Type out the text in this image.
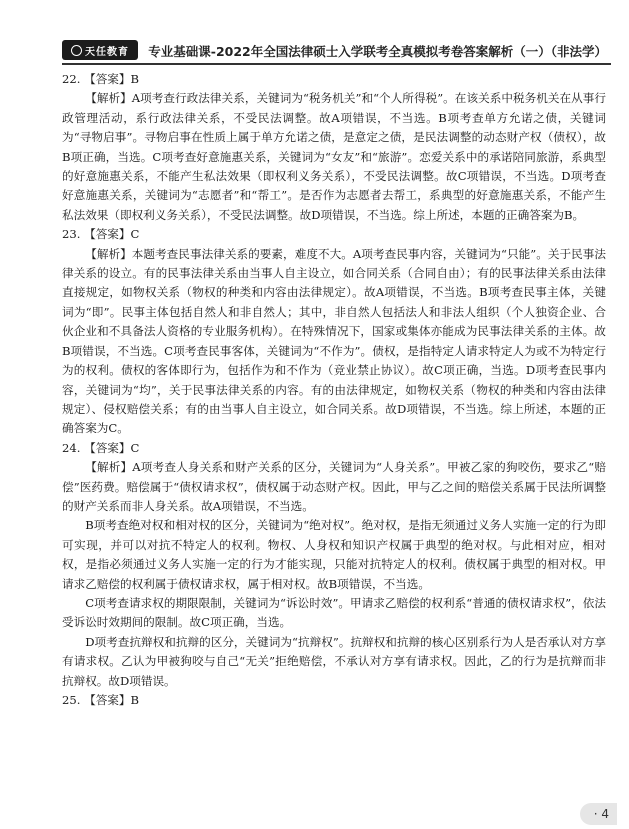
天任教育 专业基础课-2022年全国法律硕士入学联考全真模拟考卷答案解析（一）（非法学）

22. 【答案】B

【解析】A项考查行政法律关系，关键词为“税务机关”和“个人所得税”。在该关系中税务机关在从事行政管理活动，系行政法律关系，不受民法调整。故A项错误，不当选。B项考查单方允诺之债，关键词为“寻物启事”。寻物启事在性质上属于单方允诺之债，是意定之债，是民法调整的动态财产权（债权），故B项正确，当选。C项考查好意施惠关系，关键词为“女友”和“旅游”。恋爱关系中的承诺陪同旅游，系典型的好意施惠关系，不能产生私法效果（即权利义务关系），不受民法调整。故C项错误，不当选。D项考查好意施惠关系，关键词为“志愿者”和“帮工”。是否作为志愿者去帮工，系典型的好意施惠关系，不能产生私法效果（即权利义务关系），不受民法调整。故D项错误，不当选。综上所述，本题的正确答案为B。

23. 【答案】C

【解析】本题考查民事法律关系的要素，难度不大。A项考查民事内容，关键词为“只能”。关于民事法律关系的设立。有的民事法律关系由当事人自主设立，如合同关系（合同自由）；有的民事法律关系由法律直接规定，如物权关系（物权的种类和内容由法律规定）。故A项错误，不当选。B项考查民事主体，关键词为“即”。民事主体包括自然人和非自然人；其中，非自然人包括法人和非法人组织（个人独资企业、合伙企业和不具备法人资格的专业服务机构）。在特殊情况下，国家或集体亦能成为民事法律关系的主体。故B项错误，不当选。C项考查民事客体，关键词为“不作为”。债权，是指特定人请求特定人为或不为特定行为的权利。债权的客体即行为，包括作为和不作为（竞业禁止协议）。故C项正确，当选。D项考查民事内容，关键词为“均”，关于民事法律关系的内容。有的由法律规定，如物权关系（物权的种类和内容由法律规定）、侵权赔偿关系；有的由当事人自主设立，如合同关系。故D项错误，不当选。综上所述，本题的正确答案为C。

24. 【答案】C

【解析】A项考查人身关系和财产关系的区分，关键词为“人身关系”。甲被乙家的狗咬伤，要求乙“赔偿”医药费。赔偿属于“债权请求权”，债权属于动态财产权。因此，甲与乙之间的赔偿关系属于民法所调整的财产关系而非人身关系。故A项错误，不当选。

B项考查绝对权和相对权的区分，关键词为“绝对权”。绝对权，是指无须通过义务人实施一定的行为即可实现，并可以对抗不特定人的权利。物权、人身权和知识产权属于典型的绝对权。与此相对应，相对权，是指必须通过义务人实施一定的行为才能实现，只能对抗特定人的权利。债权属于典型的相对权。甲请求乙赔偿的权利属于债权请求权，属于相对权。故B项错误，不当选。

C项考查请求权的期限限制，关键词为“诉讼时效”。甲请求乙赔偿的权利系“普通的债权请求权”，依法受诉讼时效期间的限制。故C项正确，当选。

D项考查抗辩权和抗辩的区分，关键词为“抗辩权”。抗辩权和抗辩的核心区别系行为人是否承认对方享有请求权。乙认为甲被狗咬与自己“无关”拒绝赔偿，不承认对方享有请求权。因此，乙的行为是抗辩而非抗辩权。故D项错误。

25. 【答案】B

· 4
